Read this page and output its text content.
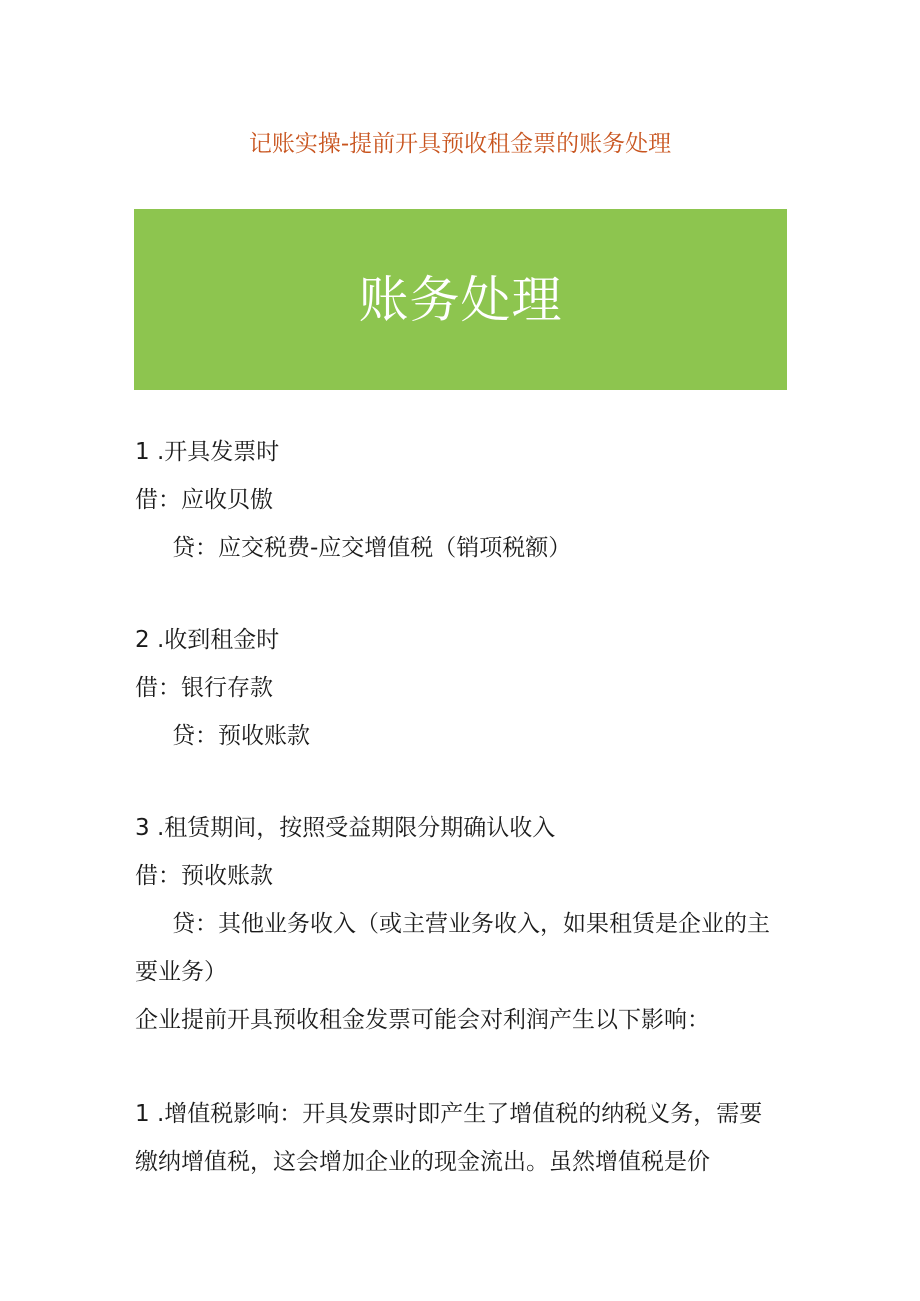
记账实操-提前开具预收租金票的账务处理
账务处理
1 .开具发票时
借：应收贝傲
贷：应交税费-应交增值税（销项税额）
2 .收到租金时
借：银行存款
贷：预收账款
3 .租赁期间，按照受益期限分期确认收入
借：预收账款
贷：其他业务收入（或主营业务收入，如果租赁是企业的主
要业务）
企业提前开具预收租金发票可能会对利润产生以下影响：
1 .增值税影响：开具发票时即产生了增值税的纳税义务，需要
缴纳增值税，这会增加企业的现金流出。虽然增值税是价
